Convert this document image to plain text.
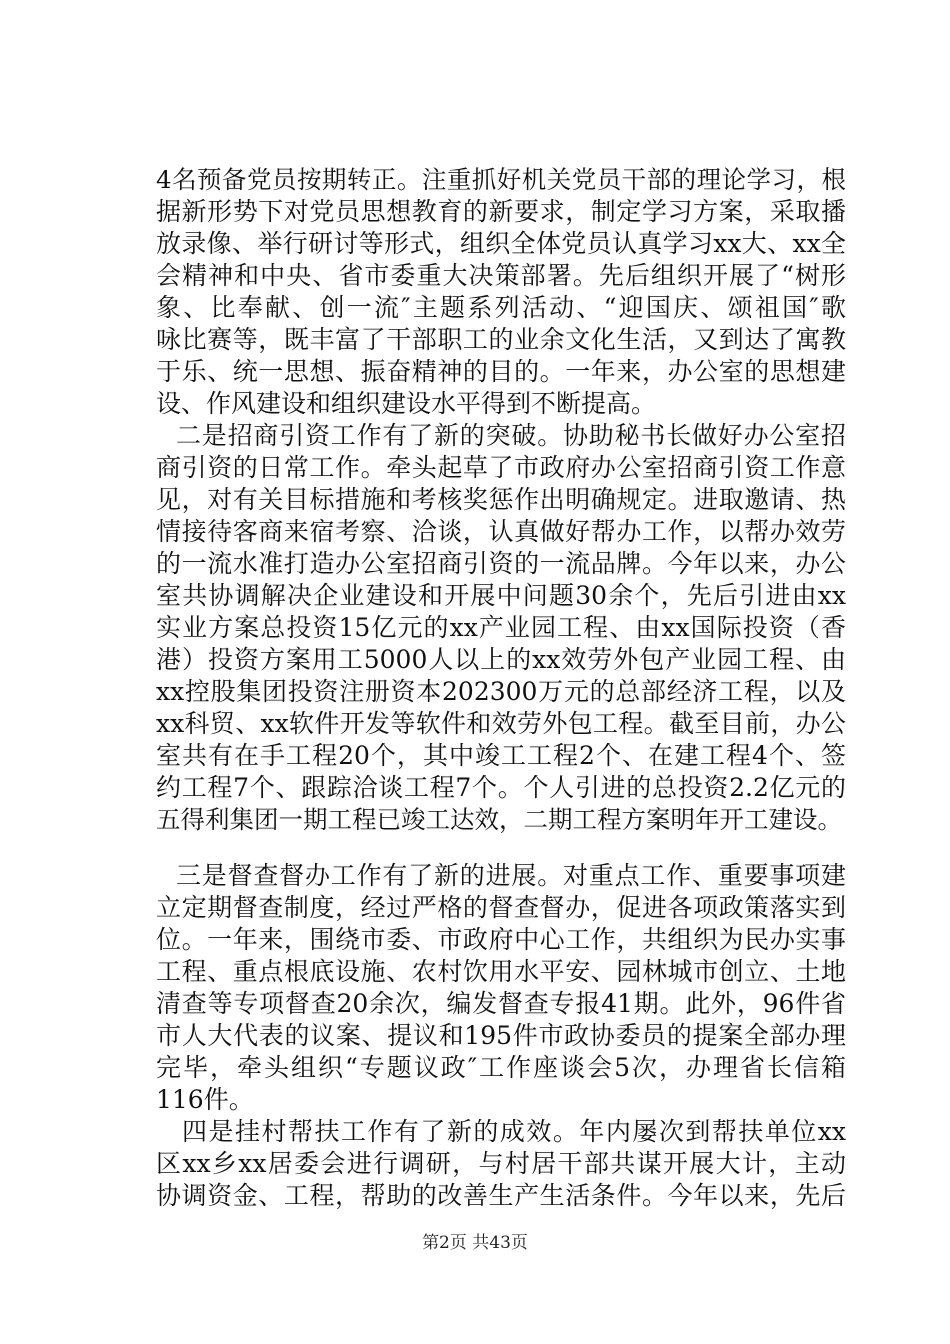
4名预备党员按期转正。注重抓好机关党员干部的理论学习，根
据新形势下对党员思想教育的新要求，制定学习方案，采取播
放录像、举行研讨等形式，组织全体党员认真学习xx大、xx全
会精神和中央、省市委重大决策部署。先后组织开展了“树形
象、比奉献、创一流″主题系列活动、“迎国庆、颂祖国″歌
咏比赛等，既丰富了干部职工的业余文化生活，又到达了寓教
于乐、统一思想、振奋精神的目的。一年来，办公室的思想建
设、作风建设和组织建设水平得到不断提高。
二是招商引资工作有了新的突破。协助秘书长做好办公室招
商引资的日常工作。牵头起草了市政府办公室招商引资工作意
见，对有关目标措施和考核奖惩作出明确规定。进取邀请、热
情接待客商来宿考察、洽谈，认真做好帮办工作，以帮办效劳
的一流水准打造办公室招商引资的一流品牌。今年以来，办公
室共协调解决企业建设和开展中问题30余个，先后引进由xx
实业方案总投资15亿元的xx产业园工程、由xx国际投资（香
港）投资方案用工5000人以上的xx效劳外包产业园工程、由
xx控股集团投资注册资本202300万元的总部经济工程，以及
xx科贸、xx软件开发等软件和效劳外包工程。截至目前，办公
室共有在手工程20个，其中竣工工程2个、在建工程4个、签
约工程7个、跟踪洽谈工程7个。个人引进的总投资2.2亿元的
五得利集团一期工程已竣工达效，二期工程方案明年开工建设。
三是督查督办工作有了新的进展。对重点工作、重要事项建
立定期督查制度，经过严格的督查督办，促进各项政策落实到
位。一年来，围绕市委、市政府中心工作，共组织为民办实事
工程、重点根底设施、农村饮用水平安、园林城市创立、土地
清查等专项督查20余次，编发督查专报41期。此外，96件省
市人大代表的议案、提议和195件市政协委员的提案全部办理
完毕，牵头组织“专题议政″工作座谈会5次，办理省长信箱
116件。
四是挂村帮扶工作有了新的成效。年内屡次到帮扶单位xx
区xx乡xx居委会进行调研，与村居干部共谋开展大计，主动
协调资金、工程，帮助的改善生产生活条件。今年以来，先后
第2页 共43页
